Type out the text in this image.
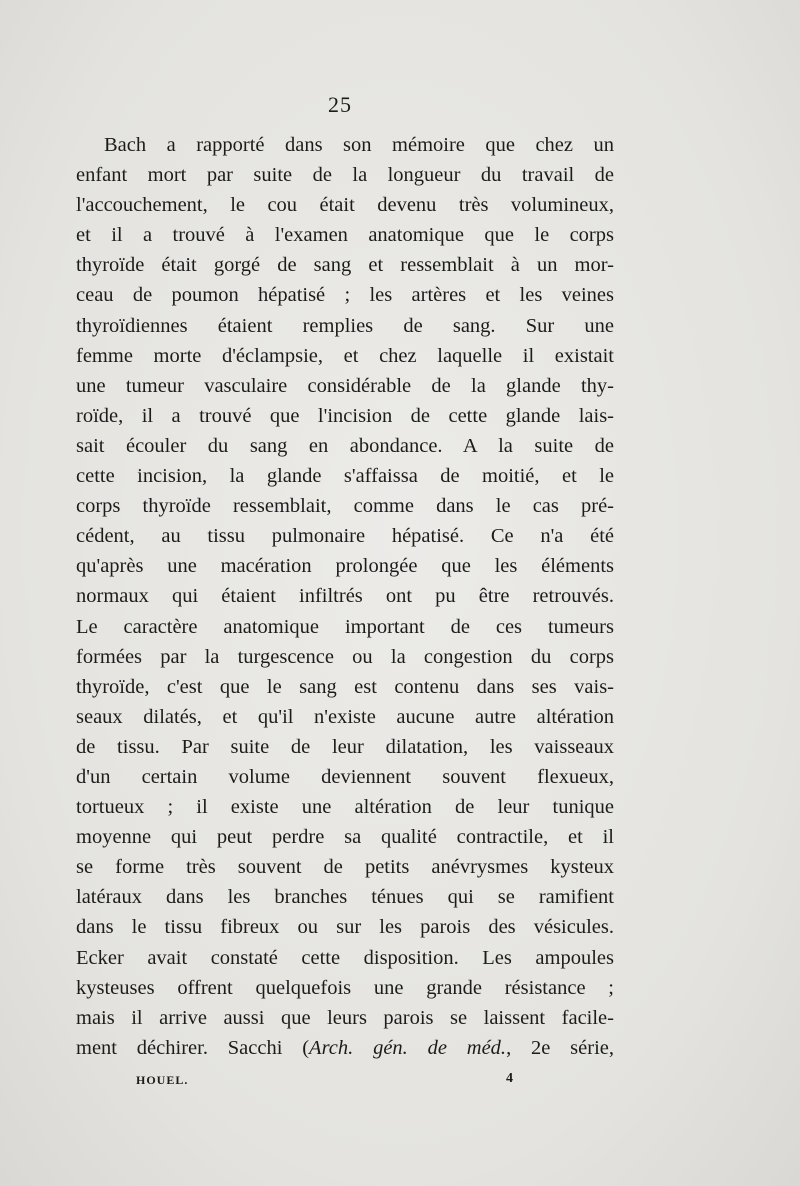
25
Bach a rapporté dans son mémoire que chez un
enfant mort par suite de la longueur du travail de
l'accouchement, le cou était devenu très volumineux,
et il a trouvé à l'examen anatomique que le corps
thyroïde était gorgé de sang et ressemblait à un mor-
ceau de poumon hépatisé ; les artères et les veines
thyroïdiennes étaient remplies de sang. Sur une
femme morte d'éclampsie, et chez laquelle il existait
une tumeur vasculaire considérable de la glande thy-
roïde, il a trouvé que l'incision de cette glande lais-
sait écouler du sang en abondance. A la suite de
cette incision, la glande s'affaissa de moitié, et le
corps thyroïde ressemblait, comme dans le cas pré-
cédent, au tissu pulmonaire hépatisé. Ce n'a été
qu'après une macération prolongée que les éléments
normaux qui étaient infiltrés ont pu être retrouvés.
Le caractère anatomique important de ces tumeurs
formées par la turgescence ou la congestion du corps
thyroïde, c'est que le sang est contenu dans ses vais-
seaux dilatés, et qu'il n'existe aucune autre altération
de tissu. Par suite de leur dilatation, les vaisseaux
d'un certain volume deviennent souvent flexueux,
tortueux ; il existe une altération de leur tunique
moyenne qui peut perdre sa qualité contractile, et il
se forme très souvent de petits anévrysmes kysteux
latéraux dans les branches ténues qui se ramifient
dans le tissu fibreux ou sur les parois des vésicules.
Ecker avait constaté cette disposition. Les ampoules
kysteuses offrent quelquefois une grande résistance ;
mais il arrive aussi que leurs parois se laissent facile-
ment déchirer. Sacchi (Arch. gén. de méd., 2e série,
HOUEL.	4
